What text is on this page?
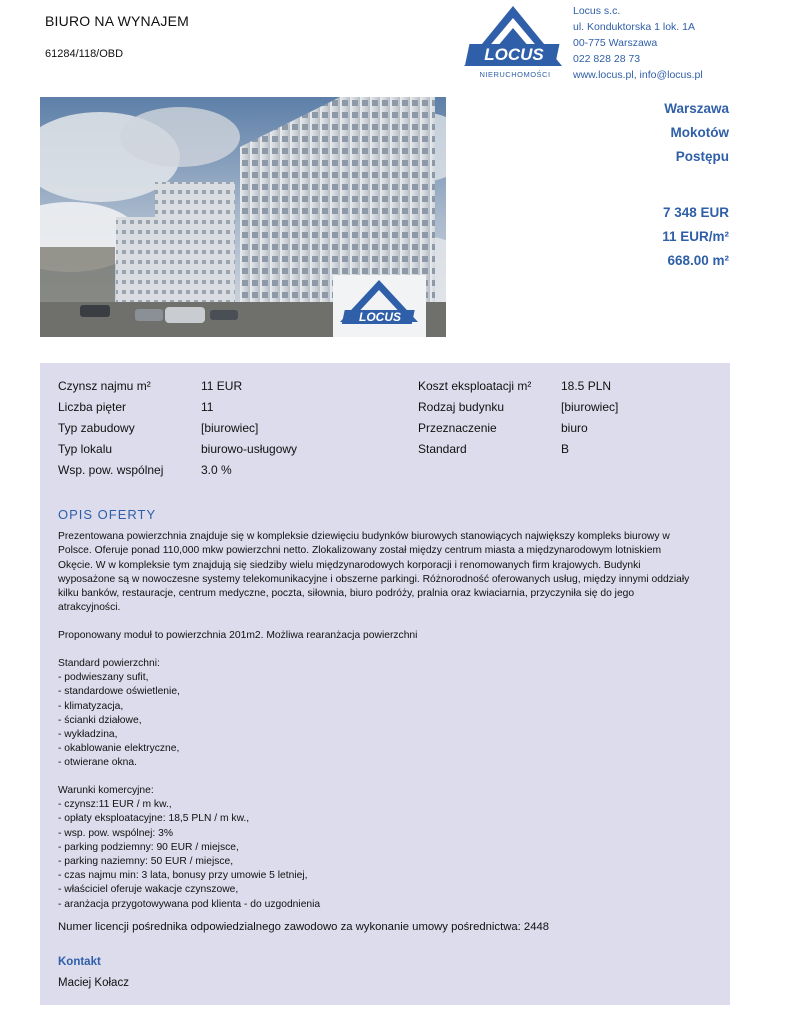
BIURO NA WYNAJEM
61284/118/OBD	LOCUS
NIERUCHOMOŚCI
Locus s.c.
ul. Konduktorska 1 lok. 1A
00-775 Warszawa
022 828 28 73
www.locus.pl, info@locus.pl
LOCUS
Warszawa
Mokotów
Postępu
7 348 EUR
11 EUR/m²
668.00 m²
Czynsz najmu m²	11 EUR
Liczba pięter	11
Typ zabudowy	[biurowiec]
Typ lokalu	biurowo-usługowy
Wsp. pow. wspólnej	3.0 %
Koszt eksploatacji m² 18.5 PLN
Rodzaj budynku	[biurowiec]
Przeznaczenie	biuro
Standard	B
OPIS OFERTY

Prezentowana powierzchnia znajduje się w kompleksie dziewięciu budynków biurowych stanowiących największy kompleks biurowy w

Polsce. Oferuje ponad 110,000 mkw powierzchni netto. Zlokalizowany został między centrum miasta a międzynarodowym lotniskiem

Okęcie. W w kompleksie tym znajdują się siedziby wielu międzynarodowych korporacji i renomowanych firm krajowych. Budynki

wyposażone są w nowoczesne systemy telekomunikacyjne i obszerne parkingi. Różnorodność oferowanych usług, między innymi oddziały

kilku banków, restauracje, centrum medyczne, poczta, siłownia, biuro podróży, pralnia oraz kwiaciarnia, przyczyniła się do jego

atrakcyjności.

Proponowany moduł to powierzchnia 201m2. Możliwa rearanżacja powierzchni
Standard powierzchni:
- podwieszany sufit,
- standardowe oświetlenie,
- klimatyzacja,
- ścianki działowe,
- wykładzina,
- okablowanie elektryczne,
- otwierane okna.
Warunki komercyjne:
- czynsz:11 EUR / m kw.,
- opłaty eksploatacyjne: 18,5 PLN / m kw.,
- wsp. pow. wspólnej: 3%
- parking podziemny: 90 EUR / miejsce,
- parking naziemny: 50 EUR / miejsce,
- czas najmu min: 3 lata, bonusy przy umowie 5 letniej,
- właściciel oferuje wakacje czynszowe,
- aranżacja przygotowywana pod klienta - do uzgodnienia
Numer licencji pośrednika odpowiedzialnego zawodowo za wykonanie umowy pośrednictwa: 2448
Kontakt
Maciej Kołacz
